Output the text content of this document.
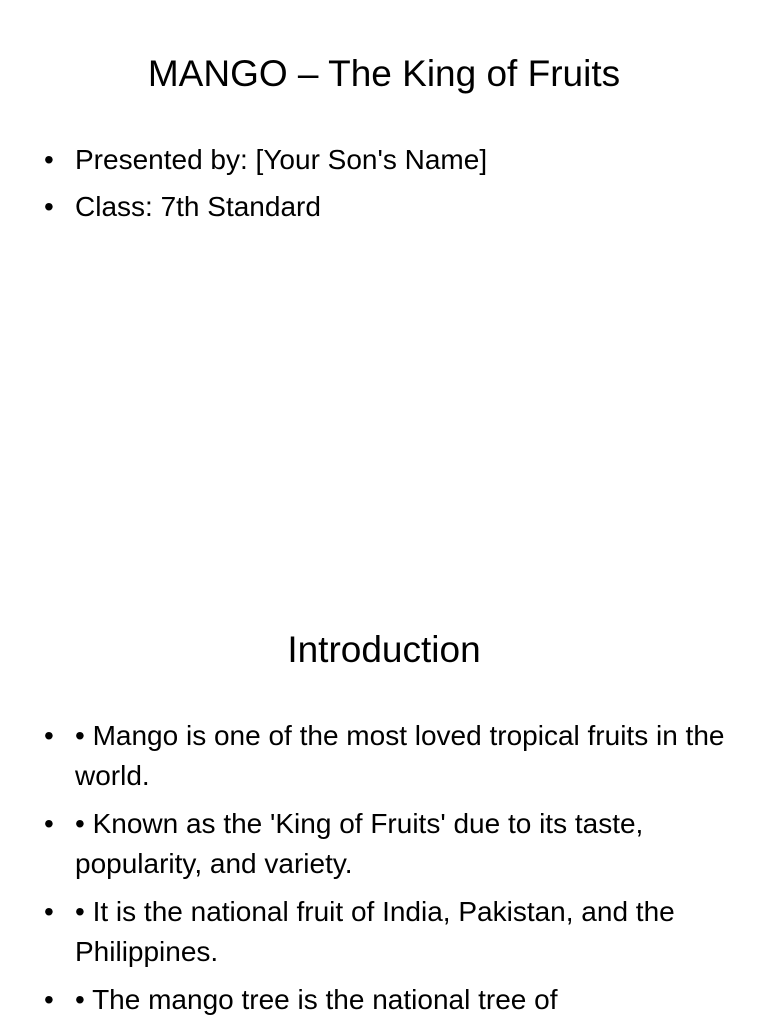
MANGO – The King of Fruits
• Presented by: [Your Son's Name]
• Class: 7th Standard
Introduction
• • Mango is one of the most loved tropical fruits in the world.
• • Known as the 'King of Fruits' due to its taste, popularity, and variety.
• • It is the national fruit of India, Pakistan, and the Philippines.
• • The mango tree is the national tree of
